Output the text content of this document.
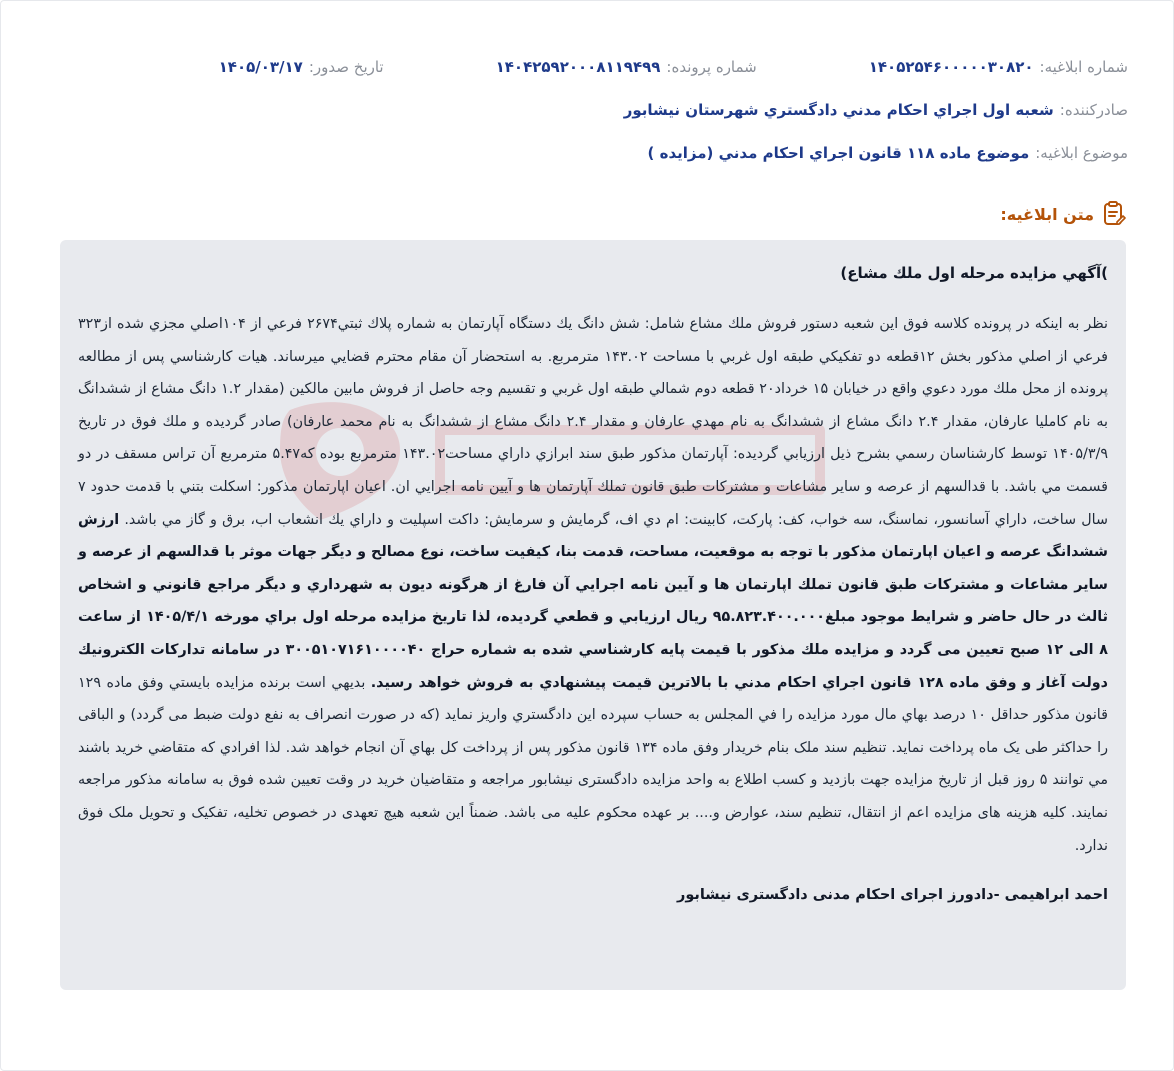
شماره ابلاغيه:
۱۴۰۵۲۵۴۶۰۰۰۰۰۳۰۸۲۰
شماره پرونده:
۱۴۰۴۲۵۹۲۰۰۰۸۱۱۹۴۹۹
تاريخ صدور:
۱۴۰۵/۰۳/۱۷
صادرکننده:
شعبه اول اجراي احكام مدني دادگستري شهرستان نيشابور
موضوع ابلاغيه:
موضوع ماده ۱۱۸ قانون اجراي احكام مدني (مزايده )
متن ابلاغيه:

)آگهي مزايده مرحله اول ملك مشاع)

نظر به اينكه در پرونده كلاسه فوق اين شعبه دستور فروش ملك مشاع شامل: شش دانگ يك دستگاه آپارتمان به شماره پلاك ثبتي۲۶۷۴ فرعي از ۱۰۴اصلي مجزي شده از۳۲۳ فرعي از اصلي مذكور بخش ۱۲قطعه دو تفكيكي طبقه اول غربي با مساحت ۱۴۳.۰۲ مترمربع. به استحضار آن مقام محترم قضايي ميرساند. هيات كارشناسي پس از مطالعه پرونده از محل ملك مورد دعوي واقع در خيابان ۱۵ خرداد۲۰ قطعه دوم شمالي طبقه اول غربي و تقسيم وجه حاصل از فروش مابين مالكين (مقدار ۱.۲ دانگ مشاع از ششدانگ به نام كامليا عارفان، مقدار ۲.۴ دانگ مشاع از ششدانگ به نام مهدي عارفان و مقدار ۲.۴ دانگ مشاع از ششدانگ به نام محمد عارفان) صادر گرديده و ملك فوق در تاريخ ۱۴۰۵/۳/۹ توسط كارشناسان رسمي بشرح ذيل ارزيابي گرديده: آپارتمان مذكور طبق سند ابرازي داراي مساحت۱۴۳.۰۲ مترمربع بوده كه۵.۴۷ مترمربع آن تراس مسقف در دو قسمت مي باشد. با قدالسهم از عرصه و ساير مشاعات و مشتركات طبق قانون تملك آپارتمان ها و آيين نامه اجرايي ان. اعيان اپارتمان مذكور: اسكلت بتني با قدمت حدود ۷ سال ساخت، داراي آسانسور، نماسنگ، سه خواب، كف: پاركت، كابينت: ام دي اف، گرمايش و سرمايش: داكت اسپليت و داراي يك انشعاب اب، برق و گاز مي باشد. ارزش ششدانگ عرصه و اعيان اپارتمان مذكور با توجه به موقعيت، مساحت، قدمت بنا، كيفيت ساخت، نوع مصالح و ديگر جهات موثر با قدالسهم از عرصه و ساير مشاعات و مشتركات طبق قانون تملك اپارتمان ها و آيين نامه اجرايي آن فارغ از هرگونه ديون به شهرداري و ديگر مراجع قانوني و اشخاص ثالث در حال حاضر و شرايط موجود مبلغ۹۵.۸۲۳.۴۰۰.۰۰۰ ريال ارزيابي و قطعي گرديده، لذا تاريخ مزايده مرحله اول براي مورخه ۱۴۰۵/۴/۱ از ساعت ۸ الی ۱۲ صبح تعيين می گردد و مزايده ملك مذكور با قيمت پايه كارشناسي شده به شماره حراج ۳۰۰۵۱۰۷۱۶۱۰۰۰۰۴۰ در سامانه تداركات الكترونيك دولت آغاز و وفق ماده ۱۲۸ قانون اجراي احكام مدني با بالاترين قيمت پيشنهادي به فروش خواهد رسيد. بديهي است برنده مزايده بايستي وفق ماده ۱۲۹ قانون مذکور حداقل ۱۰ درصد بهاي مال مورد مزايده را في المجلس به حساب سپرده اين دادگستري واريز نمايد (كه در صورت انصراف به نفع دولت ضبط می گردد) و الباقی را حداكثر طی یک ماه پرداخت نمايد. تنظیم سند ملک بنام خریدار وفق ماده ۱۳۴ قانون مذکور پس از پرداخت كل بهاي آن انجام خواهد شد. لذا افرادي كه متقاضي خريد باشند مي توانند ۵ روز قبل از تاريخ مزايده جهت بازدید و کسب اطلاع به واحد مزایده دادگستری نیشابور مراجعه و متقاضیان خرید در وقت تعیین شده فوق به سامانه مذکور مراجعه نمایند. كليه هزينه های مزایده اعم از انتقال، تنظيم سند، عوارض و.... بر عهده محكوم عليه می باشد. ضمناً اين شعبه هيچ تعهدی در خصوص تخليه، تفکیک و تحویل ملک فوق ندارد.

احمد ابراهيمی -دادورز اجرای احکام مدنی دادگستری نيشابور
